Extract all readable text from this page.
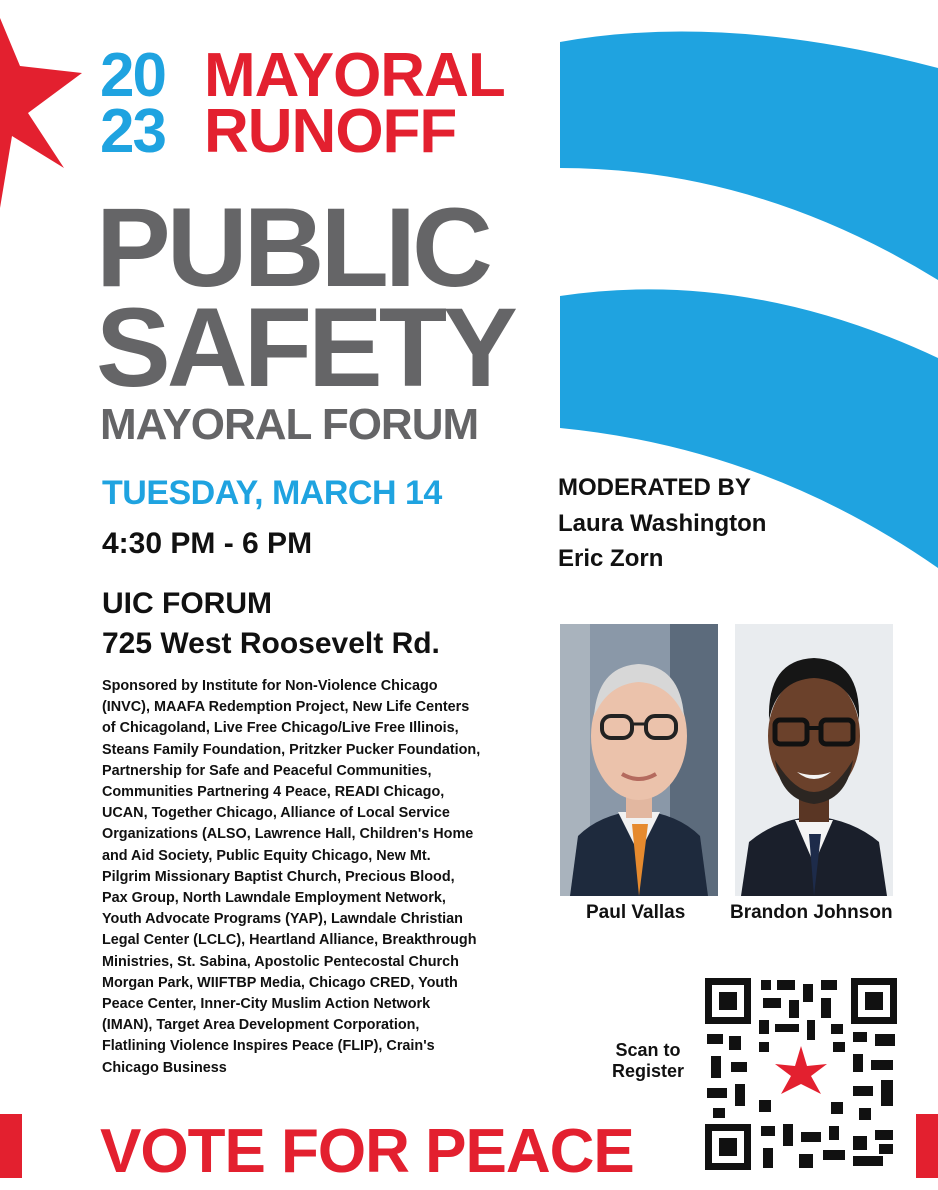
20
23
MAYORAL
RUNOFF
PUBLIC
SAFETY
MAYORAL FORUM
TUESDAY, MARCH 14
4:30 PM - 6 PM
UIC FORUM
725 West Roosevelt Rd.
Sponsored by Institute for Non-Violence Chicago
(INVC), MAAFA Redemption Project, New Life Centers
of Chicagoland, Live Free Chicago/Live Free Illinois,
Steans Family Foundation, Pritzker Pucker Foundation,
Partnership for Safe and Peaceful Communities,
Communities Partnering 4 Peace, READI Chicago,
UCAN, Together Chicago, Alliance of Local Service
Organizations (ALSO, Lawrence Hall, Children's Home
and Aid Society, Public Equity Chicago, New Mt.
Pilgrim Missionary Baptist Church, Precious Blood,
Pax Group, North Lawndale Employment Network,
Youth Advocate Programs (YAP), Lawndale Christian
Legal Center (LCLC), Heartland Alliance, Breakthrough
Ministries, St. Sabina, Apostolic Pentecostal Church
Morgan Park, WIIFTBP Media, Chicago CRED, Youth
Peace Center, Inner-City Muslim Action Network
(IMAN), Target Area Development Corporation,
Flatlining Violence Inspires Peace (FLIP), Crain's
Chicago Business
MODERATED BY
Laura Washington
Eric Zorn
Paul Vallas Brandon Johnson
Scan to
Register
VOTE FOR PEACE
